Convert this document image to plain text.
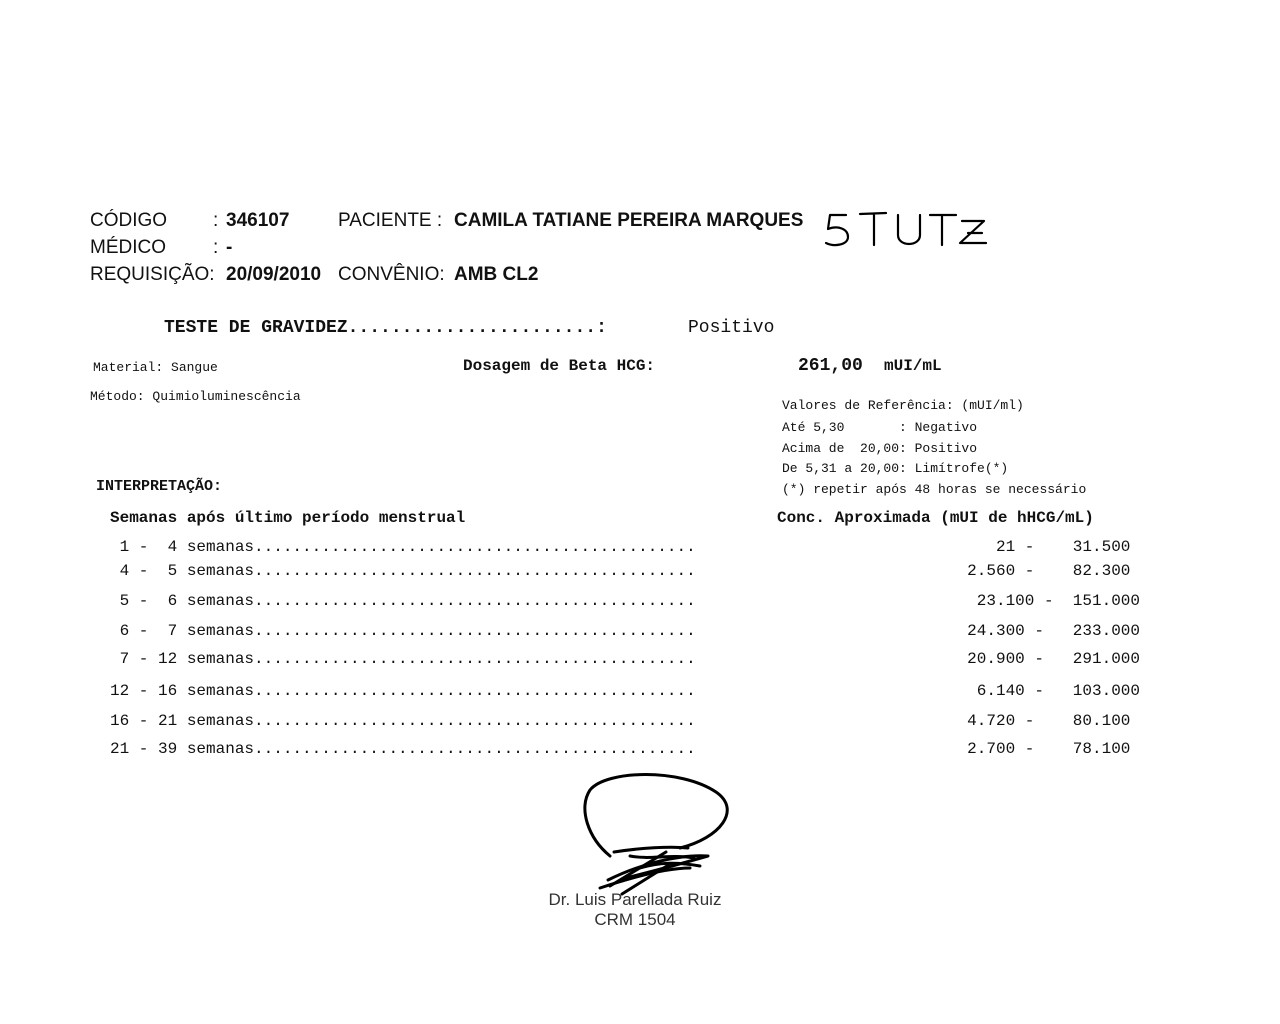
CÓDIGO : 346107	PACIENTE : CAMILA TATIANE PEREIRA MARQUES
MÉDICO : -
REQUISIÇÃO: 20/09/2010 CONVÊNIO: AMB CL2
TESTE DE GRAVIDEZ.......................:	Positivo
Material: Sangue	Dosagem de Beta HCG:	261,00 mUI/mL
Método: Quimioluminescência
Valores de Referência: (mUI/ml)
Até 5,30       : Negativo
Acima de  20,00: Positivo
De 5,31 a 20,00: Limítrofe(*)
(*) repetir após 48 horas se necessário
INTERPRETAÇÃO:
Semanas após último período menstrual	Conc. Aproximada (mUI de hHCG/mL)
1 -  4 semanas..............................................	21 -    31.500
4 -  5 semanas..............................................	2.560 -    82.300
5 -  6 semanas..............................................	23.100 -  151.000
6 -  7 semanas..............................................	24.300 -   233.000
7 - 12 semanas..............................................	20.900 -   291.000
12 - 16 semanas..............................................	6.140 -   103.000
16 - 21 semanas..............................................	4.720 -    80.100
21 - 39 semanas..............................................	2.700 -    78.100
Dr. Luis Parellada Ruiz
CRM 1504
